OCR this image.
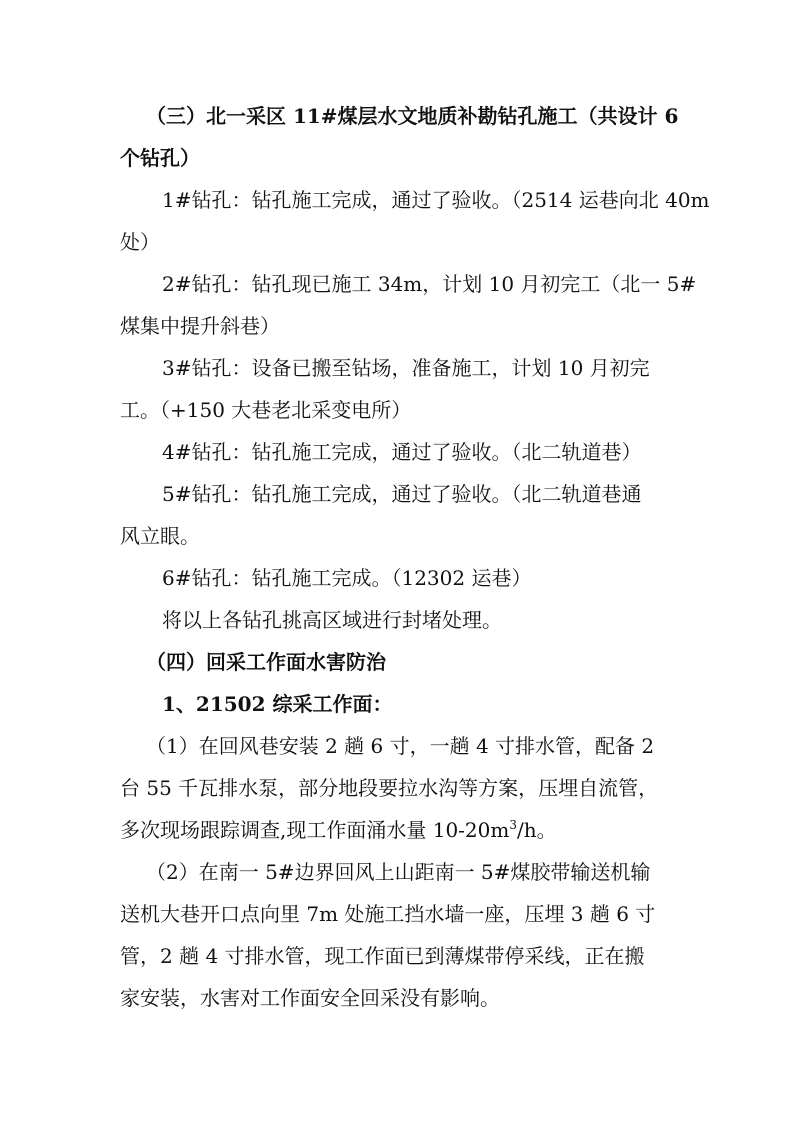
（三）北一采区 11#煤层水文地质补勘钻孔施工（共设计 6
个钻孔）
1#钻孔：钻孔施工完成，通过了验收。（2514 运巷向北 40m
处）
2#钻孔：钻孔现已施工 34m，计划 10 月初完工（北一 5#
煤集中提升斜巷）
3#钻孔：设备已搬至钻场，准备施工，计划 10 月初完
工。（+150 大巷老北采变电所）
4#钻孔：钻孔施工完成，通过了验收。（北二轨道巷）
5#钻孔：钻孔施工完成，通过了验收。（北二轨道巷通
风立眼。
6#钻孔：钻孔施工完成。（12302 运巷）
将以上各钻孔挑高区域进行封堵处理。
（四）回采工作面水害防治
1、21502 综采工作面：
（1）在回风巷安装 2 趟 6 寸，一趟 4 寸排水管，配备 2
台 55 千瓦排水泵，部分地段要拉水沟等方案，压埋自流管，
多次现场跟踪调查,现工作面涌水量 $10-20m^3/h$。
（2）在南一 5#边界回风上山距南一 5#煤胶带输送机输
送机大巷开口点向里 7m 处施工挡水墙一座，压埋 3 趟 6 寸
管，2 趟 4 寸排水管，现工作面已到薄煤带停采线，正在搬
家安装，水害对工作面安全回采没有影响。
